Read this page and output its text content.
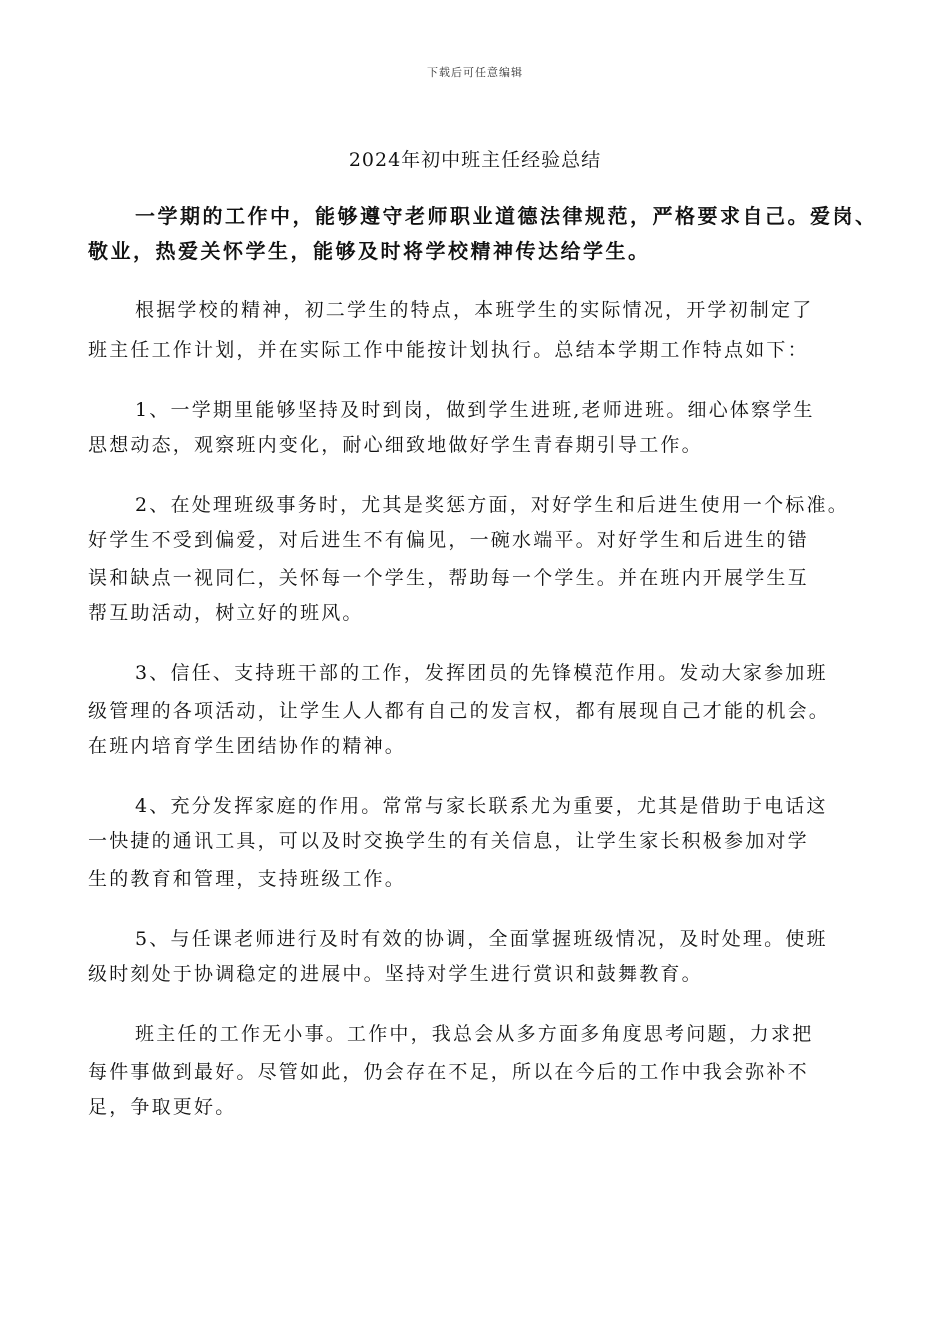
下载后可任意编辑
2024年初中班主任经验总结
一学期的工作中，能够遵守老师职业道德法律规范，严格要求自己。爱岗、
敬业，热爱关怀学生，能够及时将学校精神传达给学生。
根据学校的精神，初二学生的特点，本班学生的实际情况，开学初制定了
班主任工作计划，并在实际工作中能按计划执行。总结本学期工作特点如下：
1、一学期里能够坚持及时到岗，做到学生进班,老师进班。细心体察学生
思想动态，观察班内变化，耐心细致地做好学生青春期引导工作。
2、在处理班级事务时，尤其是奖惩方面，对好学生和后进生使用一个标准。
好学生不受到偏爱，对后进生不有偏见，一碗水端平。对好学生和后进生的错
误和缺点一视同仁，关怀每一个学生，帮助每一个学生。并在班内开展学生互
帮互助活动，树立好的班风。
3、信任、支持班干部的工作，发挥团员的先锋模范作用。发动大家参加班
级管理的各项活动，让学生人人都有自己的发言权，都有展现自己才能的机会。
在班内培育学生团结协作的精神。
4、充分发挥家庭的作用。常常与家长联系尤为重要，尤其是借助于电话这
一快捷的通讯工具，可以及时交换学生的有关信息，让学生家长积极参加对学
生的教育和管理，支持班级工作。
5、与任课老师进行及时有效的协调，全面掌握班级情况，及时处理。使班
级时刻处于协调稳定的进展中。坚持对学生进行赏识和鼓舞教育。
班主任的工作无小事。工作中，我总会从多方面多角度思考问题，力求把
每件事做到最好。尽管如此，仍会存在不足，所以在今后的工作中我会弥补不
足，争取更好。
